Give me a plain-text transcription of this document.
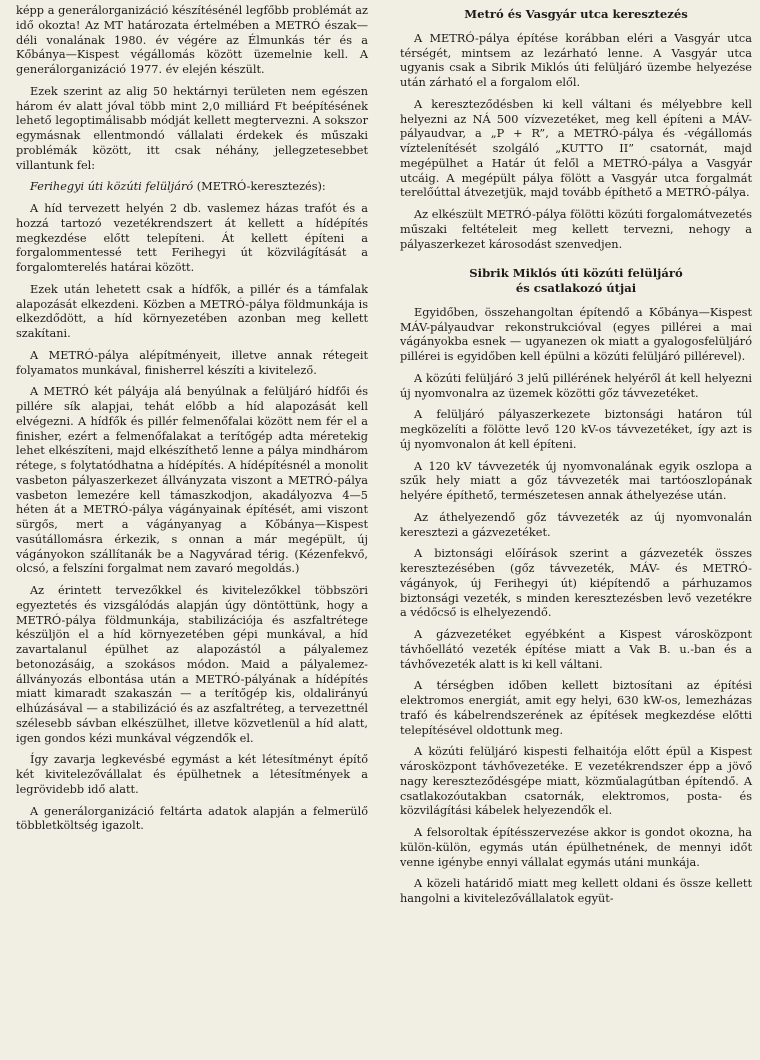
képp a generálorganizáció készítésénél legfőbb problémát az idő okozta! Az MT határozata értelmében a METRÓ észak—déli vonalának 1980. év végére az Élmunkás tér és a Kőbánya—Kispest végállomás között üzemelnie kell. A generálorganizáció 1977. év elején készült.

Ezek szerint az alig 50 hektárnyi területen nem egészen három év alatt jóval több mint 2,0 milliárd Ft beépítésének lehető legoptimálisabb módját kellett megtervezni. A sokszor egymásnak ellentmondó vállalati érdekek és műszaki problémák között, itt csak néhány, jellegzetesebbet villantunk fel:

Ferihegyi úti közúti felüljáró (METRÓ-keresztezés):

A híd tervezett helyén 2 db. vaslemez házas trafót és a hozzá tartozó vezetékrendszert át kellett a hídépítés megkezdése előtt telepíteni. Át kellett építeni a forgalommentessé tett Ferihegyi út közvilágítását a forgalomterelés határai között.

Ezek után lehetett csak a hídfők, a pillér és a támfalak alapozását elkezdeni. Közben a METRÓ-pálya földmunkája is elkezdődött, a híd környezetében azonban meg kellett szakítani.

A METRÓ-pálya alépítményeit, illetve annak rétegeit folyamatos munkával, finisherrel készíti a kivitelező.

A METRÓ két pályája alá benyúlnak a felüljáró hídfői és pillére sík alapjai, tehát előbb a híd alapozását kell elvégezni. A hídfők és pillér felmenőfalai között nem fér el a finisher, ezért a felmenőfalakat a terítőgép adta méretekig lehet elkészíteni, majd elkészíthető lenne a pálya mindhárom rétege, s folytatódhatna a hídépítés. A hídépítésnél a monolit vasbeton pályaszerkezet állványzata viszont a METRÓ-pálya vasbeton lemezére kell támaszkodjon, akadályozva 4—5 héten át a METRÓ-pálya vágányainak építését, ami viszont sürgős, mert a vágányanyag a Kőbánya—Kispest vasútállomásra érkezik, s onnan a már megépült, új vágányokon szállítanák be a Nagyvárad térig. (Kézenfekvő, olcsó, a felszíni forgalmat nem zavaró megoldás.)

Az érintett tervezőkkel és kivitelezőkkel többszöri egyeztetés és vizsgálódás alapján úgy döntöttünk, hogy a METRÓ-pálya földmunkája, stabilizációja és aszfaltrétege készüljön el a híd környezetében gépi munkával, a híd zavartalanul épülhet az alapozástól a pályalemez betonozásáig, a szokásos módon. Maid a pályalemez-állványozás elbontása után a METRÓ-pályának a hídépítés miatt kimaradt szakaszán — a terítőgép kis, oldalirányú elhúzásával — a stabilizáció és az aszfaltréteg, a tervezettnél szélesebb sávban elkészülhet, illetve közvetlenül a híd alatt, igen gondos kézi munkával végzendők el.

Így zavarja legkevésbé egymást a két létesítményt építő két kivitelezővállalat és épülhetnek a létesítmények a legrövidebb idő alatt.

A generálorganizáció feltárta adatok alapján a felmerülő többletköltség igazolt.

Metró és Vasgyár utca keresztezés

A METRÓ-pálya építése korábban eléri a Vasgyár utca térségét, mintsem az lezárható lenne. A Vasgyár utca ugyanis csak a Sibrik Miklós úti felüljáró üzembe helyezése után zárható el a forgalom elől.

A kereszteződésben ki kell váltani és mélyebbre kell helyezni az NÁ 500 vízvezetéket, meg kell építeni a MÁV-pályaudvar, a „P + R”, a METRÓ-pálya és -végállomás víztelenítését szolgáló „KUTTO II” csatornát, majd megépülhet a Határ út felől a METRÓ-pálya a Vasgyár utcáig. A megépült pálya fölött a Vasgyár utca forgalmát terelőúttal átvezetjük, majd tovább építhető a METRÓ-pálya.

Az elkészült METRÓ-pálya fölötti közúti forgalomátvezetés műszaki feltételeit meg kellett tervezni, nehogy a pályaszerkezet károsodást szenvedjen.

Sibrik Miklós úti közúti felüljáró
és csatlakozó útjai

Egyidőben, összehangoltan építendő a Kőbánya—Kispest MÁV-pályaudvar rekonstrukcióval (egyes pillérei a mai vágányokba esnek — ugyanezen ok miatt a gyalogosfelüljáró pillérei is egyidőben kell épülni a közúti felüljáró pillérevel).

A közúti felüljáró 3 jelű pillérének helyéről át kell helyezni új nyomvonalra az üzemek közötti gőz távvezetéket.

A felüljáró pályaszerkezete biztonsági határon túl megközelíti a fölötte levő 120 kV-os távvezetéket, így azt is új nyomvonalon át kell építeni.

A 120 kV távvezeték új nyomvonalának egyik oszlopa a szűk hely miatt a gőz távvezeték mai tartóoszlopának helyére építhető, természetesen annak áthelyezése után.

Az áthelyezendő gőz távvezeték az új nyomvonalán keresztezi a gázvezetéket.

A biztonsági előírások szerint a gázvezeték összes keresztezésében (gőz távvezeték, MÁV- és METRÓ-vágányok, új Ferihegyi út) kiépítendő a párhuzamos biztonsági vezeték, s minden keresztezésben levő vezetékre a védőcső is elhelyezendő.

A gázvezetéket egyébként a Kispest városközpont távhőellátó vezeték építése miatt a Vak B. u.-ban és a távhővezeték alatt is ki kell váltani.

A térségben időben kellett biztosítani az építési elektromos energiát, amit egy helyi, 630 kW-os, lemezházas trafó és kábelrendszerének az építések megkezdése előtti telepítésével oldottunk meg.

A közúti felüljáró kispesti felhaitója előtt épül a Kispest városközpont távhővezetéke. E vezetékrendszer épp a jövő nagy kereszteződésgépe miatt, közműalagútban építendő. A csatlakozóutakban csatornák, elektromos, posta- és közvilágítási kábelek helyezendők el.

A felsoroltak építésszervezése akkor is gondot okozna, ha külön-külön, egymás után épülhetnének, de mennyi időt venne igénybe ennyi vállalat egymás utáni munkája.

A közeli határidő miatt meg kellett oldani és össze kellett hangolni a kivitelezővállalatok együt-
